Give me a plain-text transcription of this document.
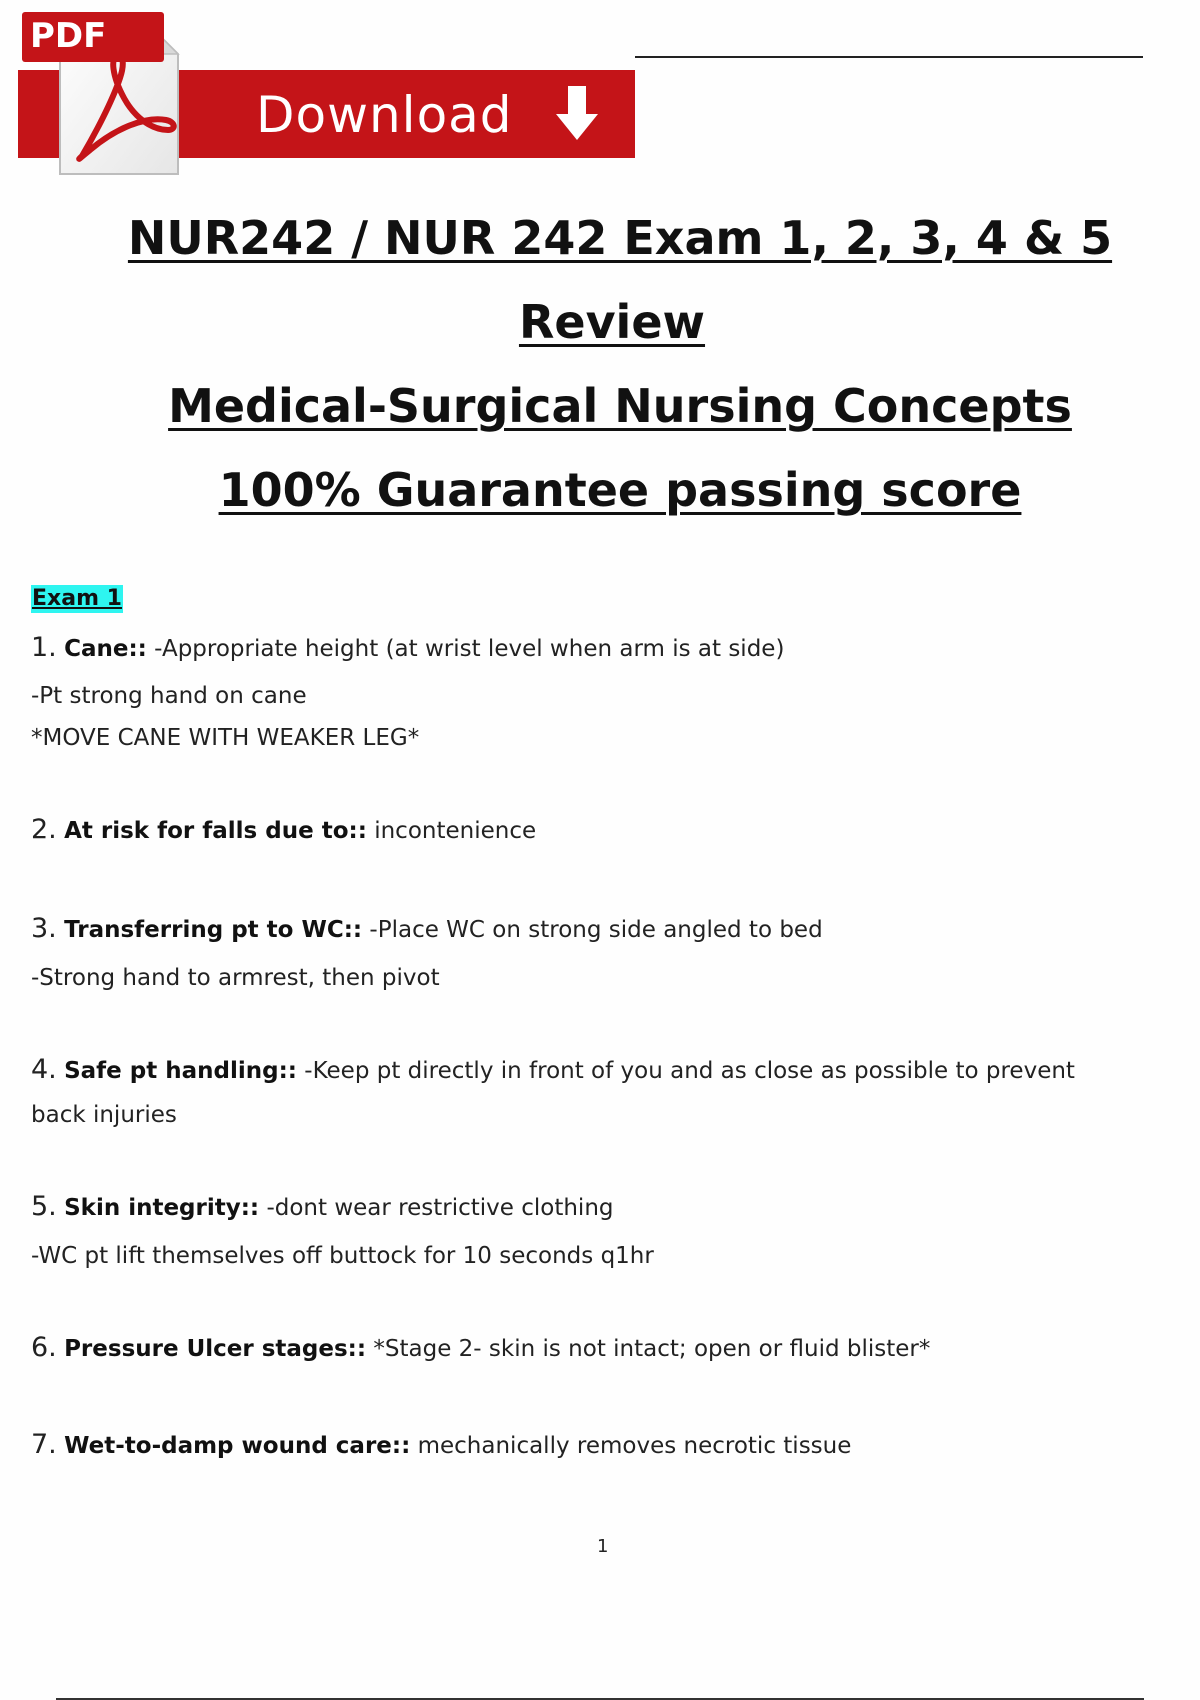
Download
PDF
NUR242 / NUR 242 Exam 1, 2, 3, 4 & 5
Review
Medical-Surgical Nursing Concepts
100% Guarantee passing score
Exam 1
1. Cane:: -Appropriate height (at wrist level when arm is at side)
-Pt strong hand on cane
*MOVE CANE WITH WEAKER LEG*
2. At risk for falls due to:: incontenience
3. Transferring pt to WC:: -Place WC on strong side angled to bed
-Strong hand to armrest, then pivot
4. Safe pt handling:: -Keep pt directly in front of you and as close as possible to prevent
back injuries
5. Skin integrity:: -dont wear restrictive clothing
-WC pt lift themselves off buttock for 10 seconds q1hr
6. Pressure Ulcer stages:: *Stage 2- skin is not intact; open or fluid blister*
7. Wet-to-damp wound care:: mechanically removes necrotic tissue
1
